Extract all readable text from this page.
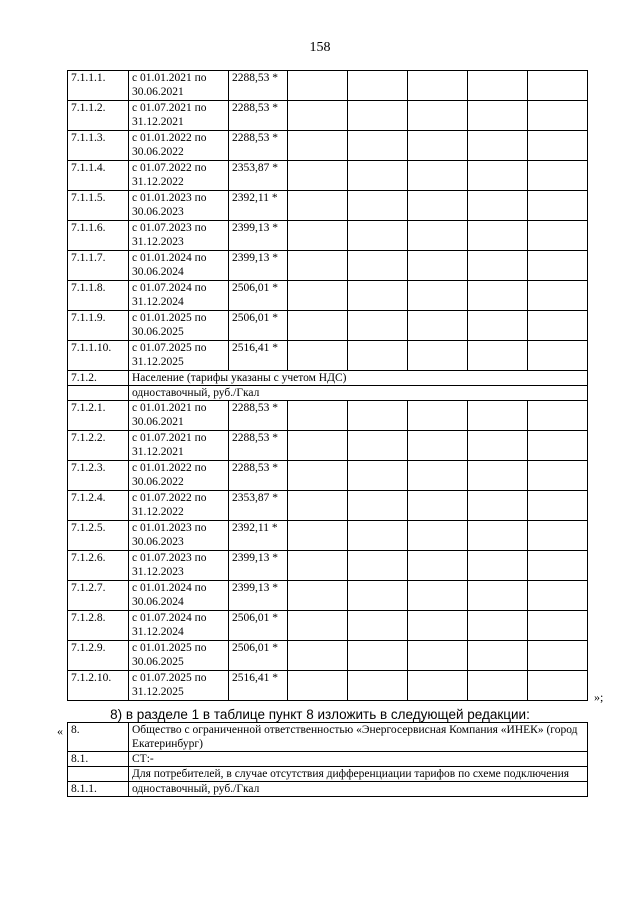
158
7.1.1.1.	с 01.01.2021 по 30.06.2021	2288,53 *					
7.1.1.2.	с 01.07.2021 по 31.12.2021	2288,53 *					
7.1.1.3.	с 01.01.2022 по 30.06.2022	2288,53 *					
7.1.1.4.	с 01.07.2022 по 31.12.2022	2353,87 *					
7.1.1.5.	с 01.01.2023 по 30.06.2023	2392,11 *					
7.1.1.6.	с 01.07.2023 по 31.12.2023	2399,13 *					
7.1.1.7.	с 01.01.2024 по 30.06.2024	2399,13 *					
7.1.1.8.	с 01.07.2024 по 31.12.2024	2506,01 *					
7.1.1.9.	с 01.01.2025 по 30.06.2025	2506,01 *					
7.1.1.10.	с 01.07.2025 по 31.12.2025	2516,41 *					
7.1.2.	Население (тарифы указаны с учетом НДС)						
	одноставочный, руб./Гкал						
7.1.2.1.	с 01.01.2021 по 30.06.2021	2288,53 *					
7.1.2.2.	с 01.07.2021 по 31.12.2021	2288,53 *					
7.1.2.3.	с 01.01.2022 по 30.06.2022	2288,53 *					
7.1.2.4.	с 01.07.2022 по 31.12.2022	2353,87 *					
7.1.2.5.	с 01.01.2023 по 30.06.2023	2392,11 *					
7.1.2.6.	с 01.07.2023 по 31.12.2023	2399,13 *					
7.1.2.7.	с 01.01.2024 по 30.06.2024	2399,13 *					
7.1.2.8.	с 01.07.2024 по 31.12.2024	2506,01 *					
7.1.2.9.	с 01.01.2025 по 30.06.2025	2506,01 *					
7.1.2.10.	с 01.07.2025 по 31.12.2025	2516,41 *					
»;
8) в разделе 1 в таблице пункт 8 изложить в следующей редакции:
« 8.	Общество с ограниченной ответственностью «Энергосервисная Компания «ИНЕК» (город Екатеринбург)
8.1.	СТ:-
	Для потребителей, в случае отсутствия дифференциации тарифов по схеме подключения
8.1.1.	одноставочный, руб./Гкал
